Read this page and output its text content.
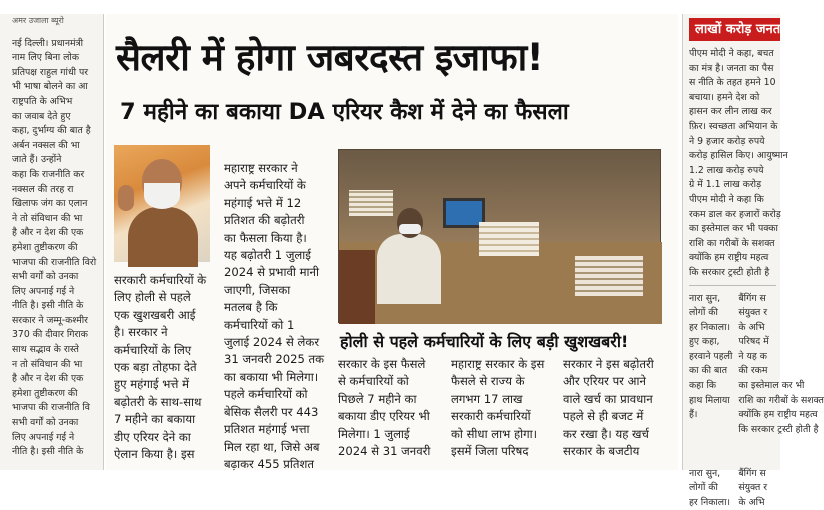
अमर उजाला ब्यूरो

नई दिल्ली। प्रधानमंत्री

नाम लिए बिना लोक

प्रतिपक्ष राहुल गांधी पर

भी भाषा बोलने का आ

राष्ट्रपति के अभिभ

का जवाब देते हुए

कहा, दुर्भाग्य की बात है

अर्बन नक्सल की भा

जाते हैं। उन्होंने

कहा कि राजनीति कर

नक्सल की तरह रा

खिलाफ जंग का एलान

ने तो संविधान की भा

है और न देश की एक

हमेशा तुष्टीकरण की

भाजपा की राजनीति विरो

सभी वर्गों को उनका

लिए अपनाई गई ने

नीति है। इसी नीति के

सरकार ने जम्मू-कश्मीर

370 की दीवार गिराक

साथ सद्भाव के रास्ते

न तो संविधान की भा

है और न देश की एक

हमेशा तुष्टीकरण की

भाजपा की राजनीति वि

सभी वर्गों को उनका

लिए अपनाई गई ने

नीति है। इसी नीति के

सैलरी में होगा जबरदस्त इजाफा!
7 महीने का बकाया DA एरियर कैश में देने का फैसला

सरकारी कर्मचारियों के

लिए होली से पहले

एक खुशखबरी आई

है। सरकार ने

कर्मचारियों के लिए

एक बड़ा तोहफा देते

हुए महंगाई भत्ते में

बढ़ोतरी के साथ-साथ

7 महीने का बकाया

डीए एरियर देने का

ऐलान किया है। इस

महाराष्ट्र सरकार ने

अपने कर्मचारियों के

महंगाई भत्ते में 12

प्रतिशत की बढ़ोतरी

का फैसला किया है।

यह बढ़ोतरी 1 जुलाई

2024 से प्रभावी मानी

जाएगी, जिसका

मतलब है कि

कर्मचारियों को 1

जुलाई 2024 से लेकर

31 जनवरी 2025 तक

का बकाया भी मिलेगा।

पहले कर्मचारियों को

बेसिक सैलरी पर 443

प्रतिशत महंगाई भत्ता

मिल रहा था, जिसे अब

बढ़ाकर 455 प्रतिशत

होली से पहले कर्मचारियों के लिए बड़ी खुशखबरी!

सरकार के इस फैसले

से कर्मचारियों को

पिछले 7 महीने का

बकाया डीए एरियर भी

मिलेगा। 1 जुलाई

2024 से 31 जनवरी

महाराष्ट्र सरकार के इस

फैसले से राज्य के

लगभग 17 लाख

सरकारी कर्मचारियों

को सीधा लाभ होगा।

इसमें जिला परिषद

सरकार ने इस बढ़ोतरी

और एरियर पर आने

वाले खर्च का प्रावधान

पहले से ही बजट में

कर रखा है। यह खर्च

सरकार के बजटीय

लाखों करोड़ जनता को

पीएम मोदी ने कहा, बचत

का मंत्र है। जनता का पैस

स नीति के तहत हमने 10

बचाया। हमने देश को

हासन कर लीन लाख कर

फ़िर। स्वच्छता अभियान के

ने 9 हजार करोड़ रुपये

करोड़ हासिल किए। आयुष्मान

1.2 लाख करोड़ रुपये

ग्रे में 1.1 लाख करोड़

पीएम मोदी ने कहा कि

रकम डाल कर हजारों करोड़

का इस्तेमाल कर भी पक्का

राशि का गरीबों के सशक्त

क्योंकि हम राष्ट्रीय महत्व

कि सरकार ट्रस्टी होती है

नारा सुन,

लोगों की

हर निकाला।

हुए कहा,

हरवाने पहली

का की बात

कहा कि

हाथ मिलाया

हैं।

नारा सुन,

लोगों की

हर निकाला।

बैंगिंग स

संयुक्त र

के अभि

परिषद में

ने यह क

की रकम

का इस्तेमाल कर भी

राशि का गरीबों के सशक्त

क्योंकि हम राष्ट्रीय महत्व

कि सरकार ट्रस्टी होती है

बैंगिंग स

संयुक्त र

के अभि
